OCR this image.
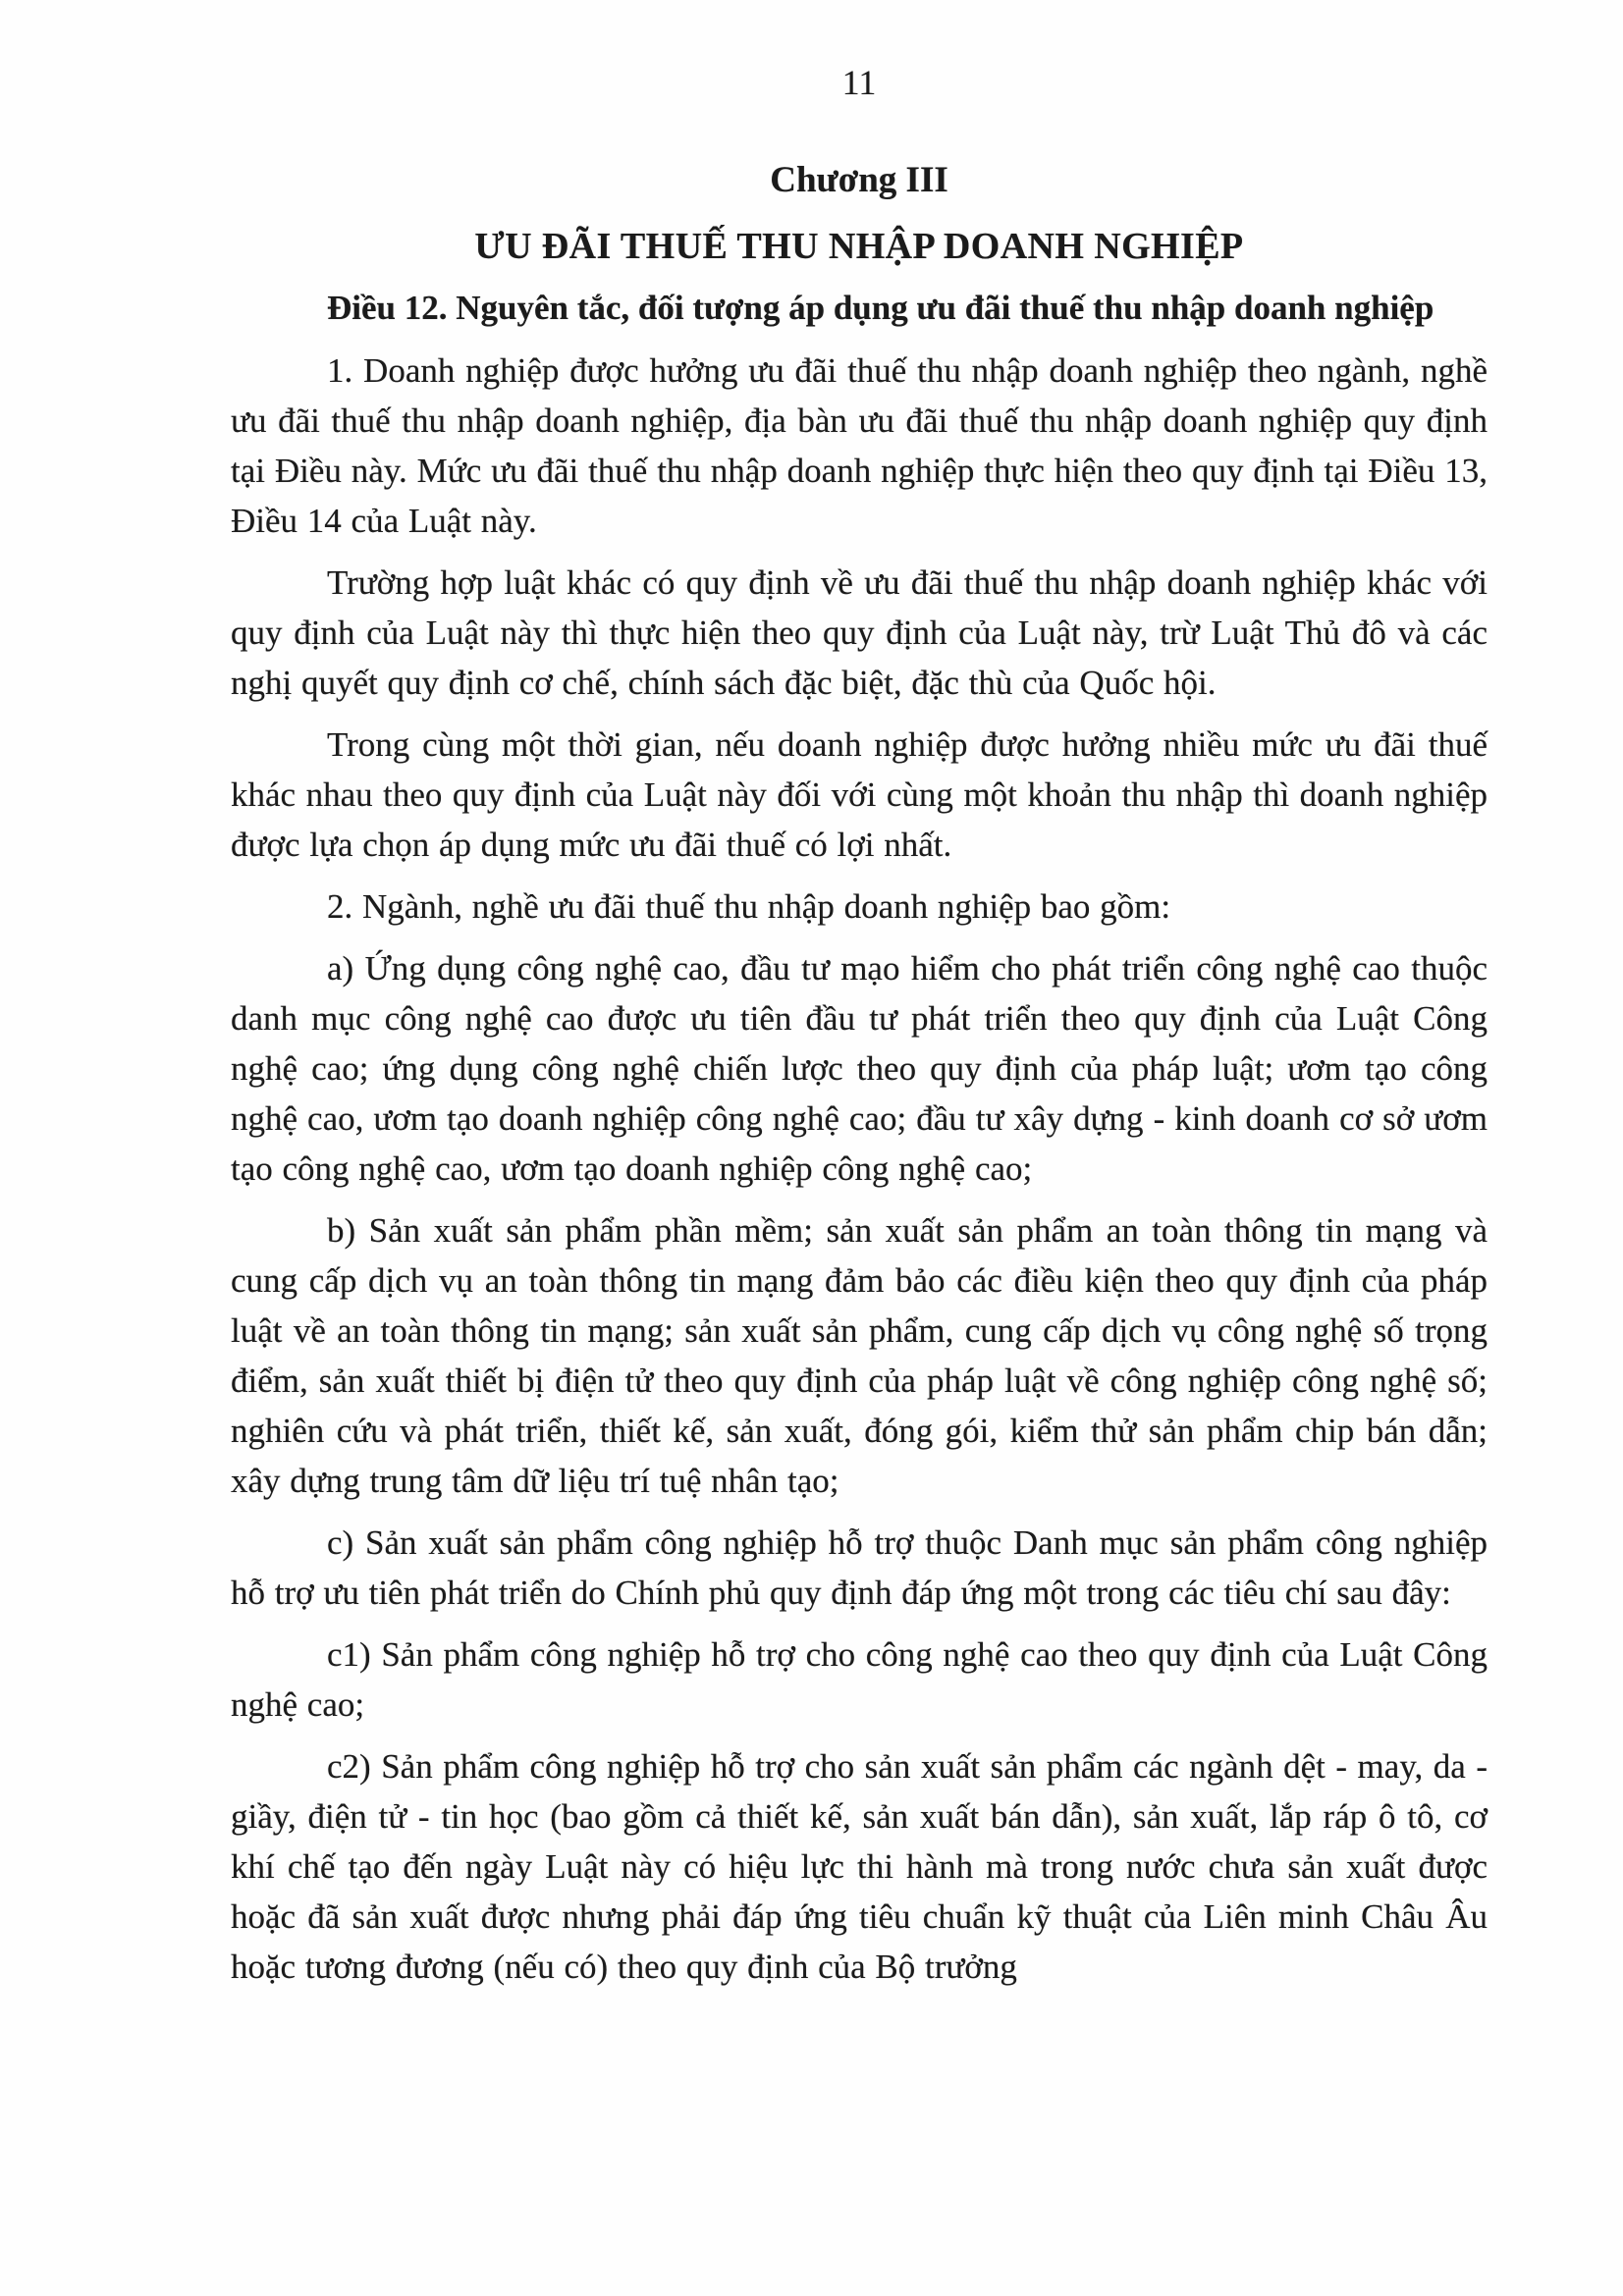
11
Chương III
ƯU ĐÃI THUẾ THU NHẬP DOANH NGHIỆP
Điều 12. Nguyên tắc, đối tượng áp dụng ưu đãi thuế thu nhập doanh nghiệp

1. Doanh nghiệp được hưởng ưu đãi thuế thu nhập doanh nghiệp theo ngành, nghề ưu đãi thuế thu nhập doanh nghiệp, địa bàn ưu đãi thuế thu nhập doanh nghiệp quy định tại Điều này. Mức ưu đãi thuế thu nhập doanh nghiệp thực hiện theo quy định tại Điều 13, Điều 14 của Luật này.

Trường hợp luật khác có quy định về ưu đãi thuế thu nhập doanh nghiệp khác với quy định của Luật này thì thực hiện theo quy định của Luật này, trừ Luật Thủ đô và các nghị quyết quy định cơ chế, chính sách đặc biệt, đặc thù của Quốc hội.

Trong cùng một thời gian, nếu doanh nghiệp được hưởng nhiều mức ưu đãi thuế khác nhau theo quy định của Luật này đối với cùng một khoản thu nhập thì doanh nghiệp được lựa chọn áp dụng mức ưu đãi thuế có lợi nhất.

2. Ngành, nghề ưu đãi thuế thu nhập doanh nghiệp bao gồm:

a) Ứng dụng công nghệ cao, đầu tư mạo hiểm cho phát triển công nghệ cao thuộc danh mục công nghệ cao được ưu tiên đầu tư phát triển theo quy định của Luật Công nghệ cao; ứng dụng công nghệ chiến lược theo quy định của pháp luật; ươm tạo công nghệ cao, ươm tạo doanh nghiệp công nghệ cao; đầu tư xây dựng - kinh doanh cơ sở ươm tạo công nghệ cao, ươm tạo doanh nghiệp công nghệ cao;

b) Sản xuất sản phẩm phần mềm; sản xuất sản phẩm an toàn thông tin mạng và cung cấp dịch vụ an toàn thông tin mạng đảm bảo các điều kiện theo quy định của pháp luật về an toàn thông tin mạng; sản xuất sản phẩm, cung cấp dịch vụ công nghệ số trọng điểm, sản xuất thiết bị điện tử theo quy định của pháp luật về công nghiệp công nghệ số; nghiên cứu và phát triển, thiết kế, sản xuất, đóng gói, kiểm thử sản phẩm chip bán dẫn; xây dựng trung tâm dữ liệu trí tuệ nhân tạo;

c) Sản xuất sản phẩm công nghiệp hỗ trợ thuộc Danh mục sản phẩm công nghiệp hỗ trợ ưu tiên phát triển do Chính phủ quy định đáp ứng một trong các tiêu chí sau đây:

c1) Sản phẩm công nghiệp hỗ trợ cho công nghệ cao theo quy định của Luật Công nghệ cao;

c2) Sản phẩm công nghiệp hỗ trợ cho sản xuất sản phẩm các ngành dệt - may, da - giầy, điện tử - tin học (bao gồm cả thiết kế, sản xuất bán dẫn), sản xuất, lắp ráp ô tô, cơ khí chế tạo đến ngày Luật này có hiệu lực thi hành mà trong nước chưa sản xuất được hoặc đã sản xuất được nhưng phải đáp ứng tiêu chuẩn kỹ thuật của Liên minh Châu Âu hoặc tương đương (nếu có) theo quy định của Bộ trưởng
